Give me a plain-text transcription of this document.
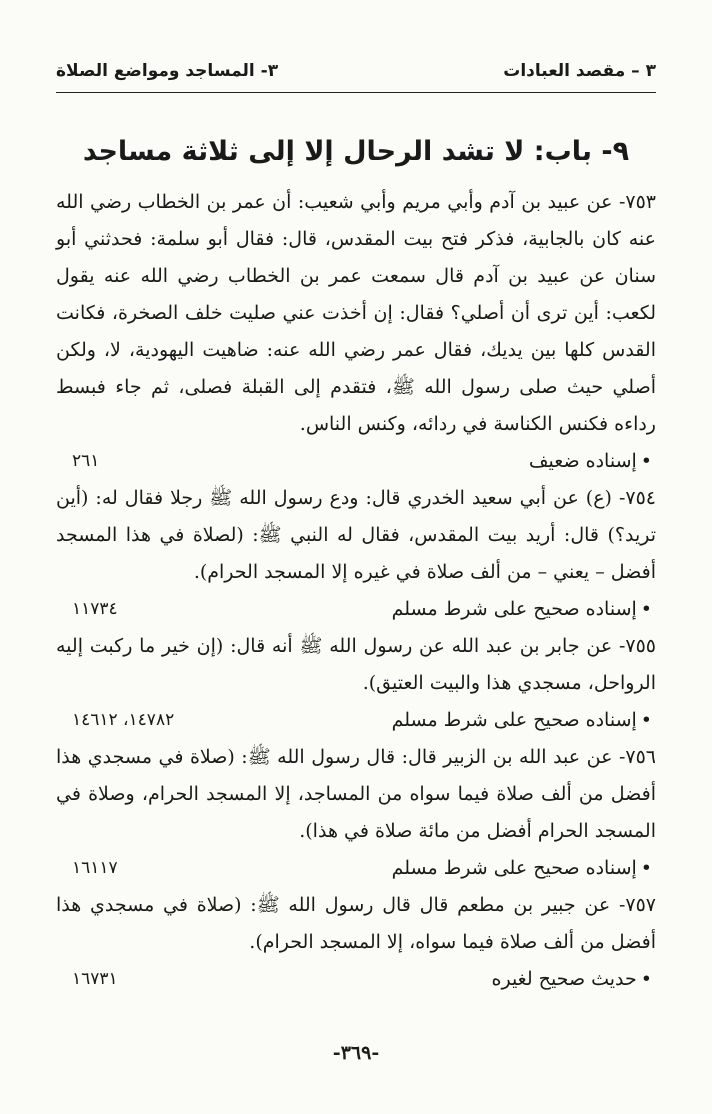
٣- المساجد ومواضع الصلاة	٣ – مقصد العبادات
٩- باب: لا تشد الرحال إلا إلى ثلاثة مساجد

٧٥٣- عن عبيد بن آدم وأبي مريم وأبي شعيب: أن عمر بن الخطاب رضي الله عنه كان بالجابية، فذكر فتح بيت المقدس، قال: فقال أبو سلمة: فحدثني أبو سنان عن عبيد بن آدم قال سمعت عمر بن الخطاب رضي الله عنه يقول لكعب: أين ترى أن أصلي؟ فقال: إن أخذت عني صليت خلف الصخرة، فكانت القدس كلها بين يديك، فقال عمر رضي الله عنه: ضاهيت اليهودية، لا، ولكن أصلي حيث صلى رسول الله ﷺ، فتقدم إلى القبلة فصلى، ثم جاء فبسط رداءه فكنس الكناسة في ردائه، وكنس الناس.

• إسناده ضعيف
٢٦١

٧٥٤- (ع) عن أبي سعيد الخدري قال: ودع رسول الله ﷺ رجلا فقال له: (أين تريد؟) قال: أريد بيت المقدس، فقال له النبي ﷺ: (لصلاة في هذا المسجد أفضل – يعني – من ألف صلاة في غيره إلا المسجد الحرام).

• إسناده صحيح على شرط مسلم
١١٧٣٤

٧٥٥- عن جابر بن عبد الله عن رسول الله ﷺ أنه قال: (إن خير ما ركبت إليه الرواحل، مسجدي هذا والبيت العتيق).

• إسناده صحيح على شرط مسلم
١٤٧٨٢، ١٤٦١٢

٧٥٦- عن عبد الله بن الزبير قال: قال رسول الله ﷺ: (صلاة في مسجدي هذا أفضل من ألف صلاة فيما سواه من المساجد، إلا المسجد الحرام، وصلاة في المسجد الحرام أفضل من مائة صلاة في هذا).

• إسناده صحيح على شرط مسلم
١٦١١٧

٧٥٧- عن جبير بن مطعم قال قال رسول الله ﷺ: (صلاة في مسجدي هذا أفضل من ألف صلاة فيما سواه، إلا المسجد الحرام).

• حديث صحيح لغيره
١٦٧٣١
-٣٦٩-
